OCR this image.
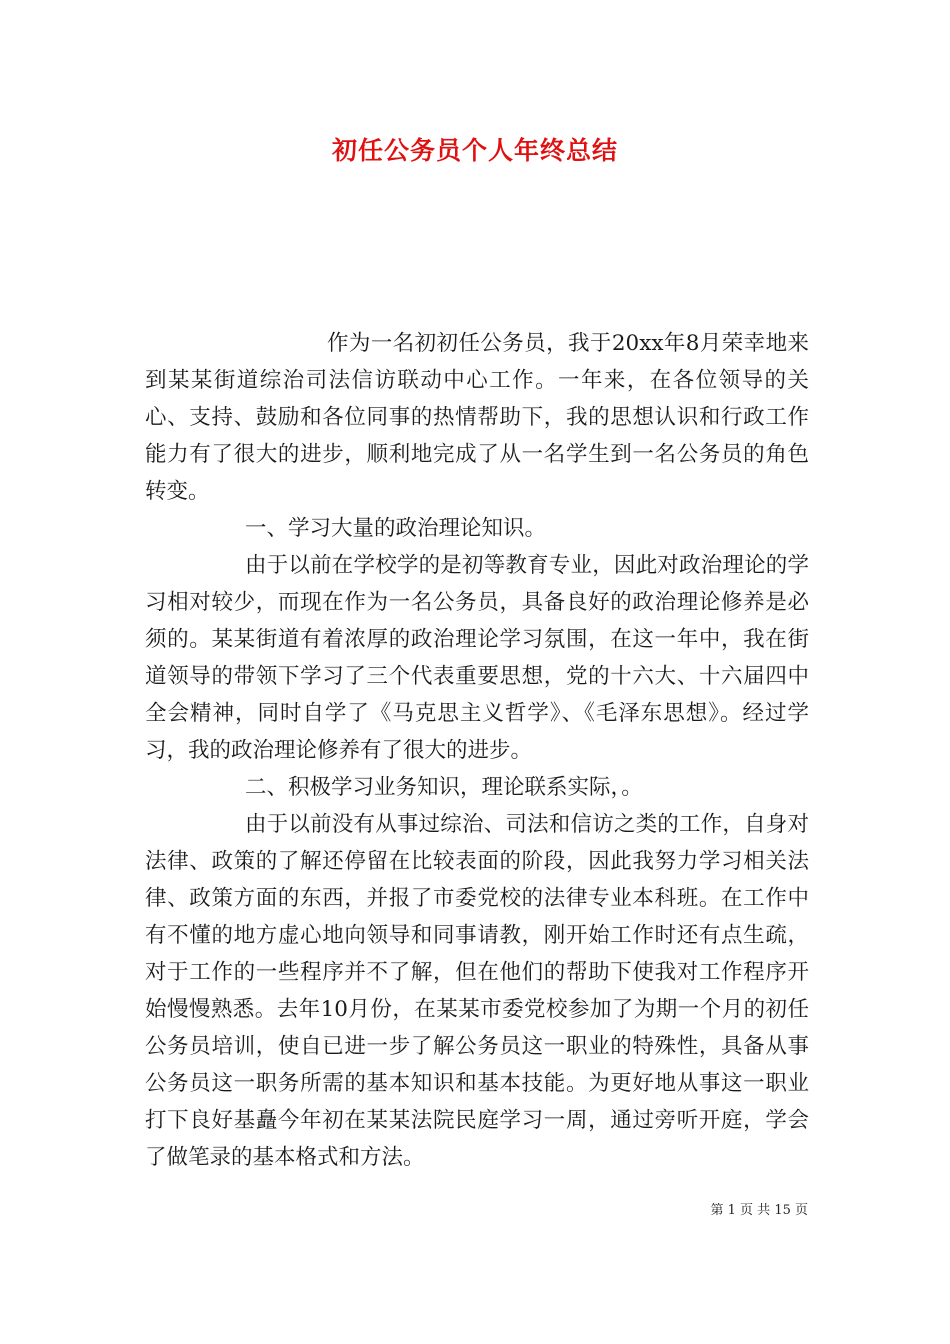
初任公务员个人年终总结

作为一名初初任公务员，我于20xx年8月荣幸地来到某某街道综治司法信访联动中心工作。一年来，在各位领导的关心、支持、鼓励和各位同事的热情帮助下，我的思想认识和行政工作能力有了很大的进步，顺利地完成了从一名学生到一名公务员的角色转变。

一、学习大量的政治理论知识。

由于以前在学校学的是初等教育专业，因此对政治理论的学习相对较少，而现在作为一名公务员，具备良好的政治理论修养是必须的。某某街道有着浓厚的政治理论学习氛围，在这一年中，我在街道领导的带领下学习了三个代表重要思想，党的十六大、十六届四中全会精神，同时自学了《马克思主义哲学》、《毛泽东思想》。经过学习，我的政治理论修养有了很大的进步。

二、积极学习业务知识，理论联系实际，。

由于以前没有从事过综治、司法和信访之类的工作，自身对法律、政策的了解还停留在比较表面的阶段，因此我努力学习相关法律、政策方面的东西，并报了市委党校的法律专业本科班。在工作中有不懂的地方虚心地向领导和同事请教，刚开始工作时还有点生疏，对于工作的一些程序并不了解，但在他们的帮助下使我对工作程序开始慢慢熟悉。去年10月份，在某某市委党校参加了为期一个月的初任公务员培训，使自已进一步了解公务员这一职业的特殊性，具备从事公务员这一职务所需的基本知识和基本技能。为更好地从事这一职业打下良好基矗今年初在某某法院民庭学习一周，通过旁听开庭，学会了做笔录的基本格式和方法。

第 1 页 共 15 页
